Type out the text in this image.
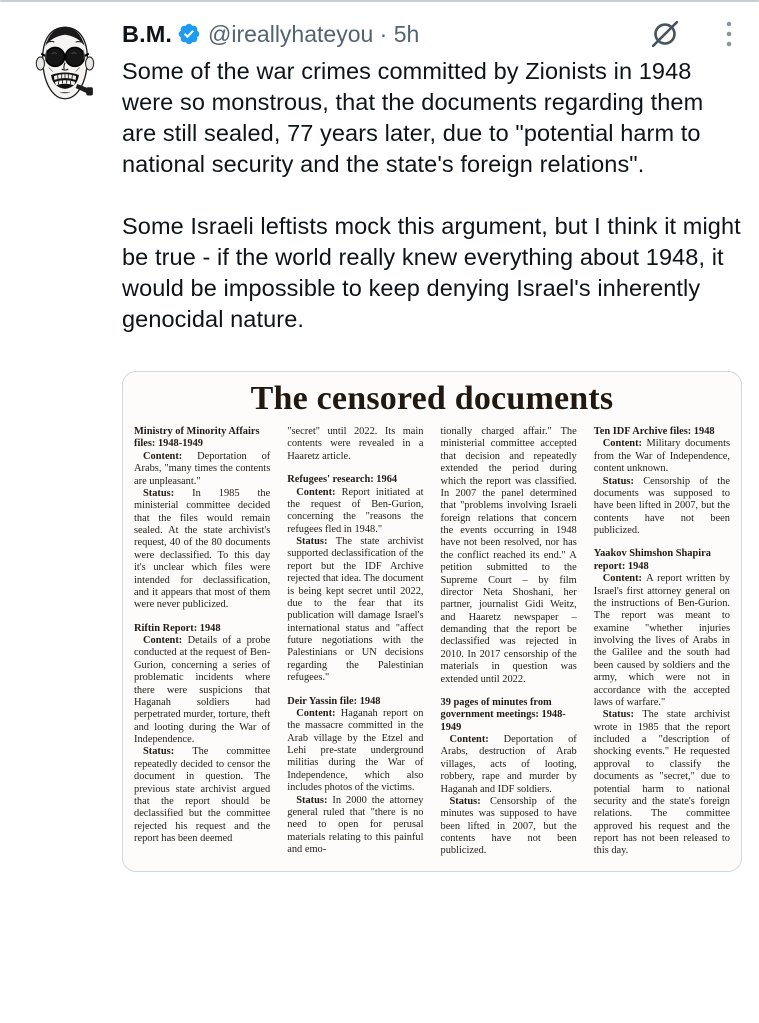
B.M. @ireallyhateyou · 5h

Some of the war crimes committed by Zionists in 1948 were so monstrous, that the documents regarding them are still sealed, 77 years later, due to "potential harm to national security and the state's foreign relations".

Some Israeli leftists mock this argument, but I think it might be true - if the world really knew everything about 1948, it would be impossible to keep denying Israel's inherently genocidal nature.

The censored documents
Ministry of Minority Affairs files: 1948-1949

Content: Deportation of Arabs, "many times the contents are unpleasant."

Status: In 1985 the ministerial committee decided that the files would remain sealed. At the state archivist's request, 40 of the 80 documents were declassified. To this day it's unclear which files were intended for declassification, and it appears that most of them were never publicized.

Riftin Report: 1948

Content: Details of a probe conducted at the request of Ben-Gurion, concerning a series of problematic incidents where there were suspicions that Haganah soldiers had perpetrated murder, torture, theft and looting during the War of Independence.

Status: The committee repeatedly decided to censor the document in question. The previous state archivist argued that the report should be declassified but the committee rejected his request and the report has been deemed

"secret" until 2022. Its main contents were revealed in a Haaretz article.

Refugees' research: 1964

Content: Report initiated at the request of Ben-Gurion, concerning the "reasons the refugees fled in 1948."

Status: The state archivist supported declassification of the report but the IDF Archive rejected that idea. The document is being kept secret until 2022, due to the fear that its publication will damage Israel's international status and "affect future negotiations with the Palestinians or UN decisions regarding the Palestinian refugees."

Deir Yassin file: 1948

Content: Haganah report on the massacre committed in the Arab village by the Etzel and Lehi pre-state underground militias during the War of Independence, which also includes photos of the victims.

Status: In 2000 the attorney general ruled that "there is no need to open for perusal materials relating to this painful and emo-

tionally charged affair." The ministerial committee accepted that decision and repeatedly extended the period during which the report was classified. In 2007 the panel determined that "problems involving Israeli foreign relations that concern the events occurring in 1948 have not been resolved, nor has the conflict reached its end." A petition submitted to the Supreme Court – by film director Neta Shoshani, her partner, journalist Gidi Weitz, and Haaretz newspaper – demanding that the report be declassified was rejected in 2010. In 2017 censorship of the materials in question was extended until 2022.

39 pages of minutes from government meetings: 1948-1949

Content: Deportation of Arabs, destruction of Arab villages, acts of looting, robbery, rape and murder by Haganah and IDF soldiers.

Status: Censorship of the minutes was supposed to have been lifted in 2007, but the contents have not been publicized.

Ten IDF Archive files: 1948

Content: Military documents from the War of Independence, content unknown.

Status: Censorship of the documents was supposed to have been lifted in 2007, but the contents have not been publicized.

Yaakov Shimshon Shapira report: 1948

Content: A report written by Israel's first attorney general on the instructions of Ben-Gurion. The report was meant to examine "whether injuries involving the lives of Arabs in the Galilee and the south had been caused by soldiers and the army, which were not in accordance with the accepted laws of warfare."

Status: The state archivist wrote in 1985 that the report included a "description of shocking events." He requested approval to classify the documents as "secret," due to potential harm to national security and the state's foreign relations. The committee approved his request and the report has not been released to this day.
